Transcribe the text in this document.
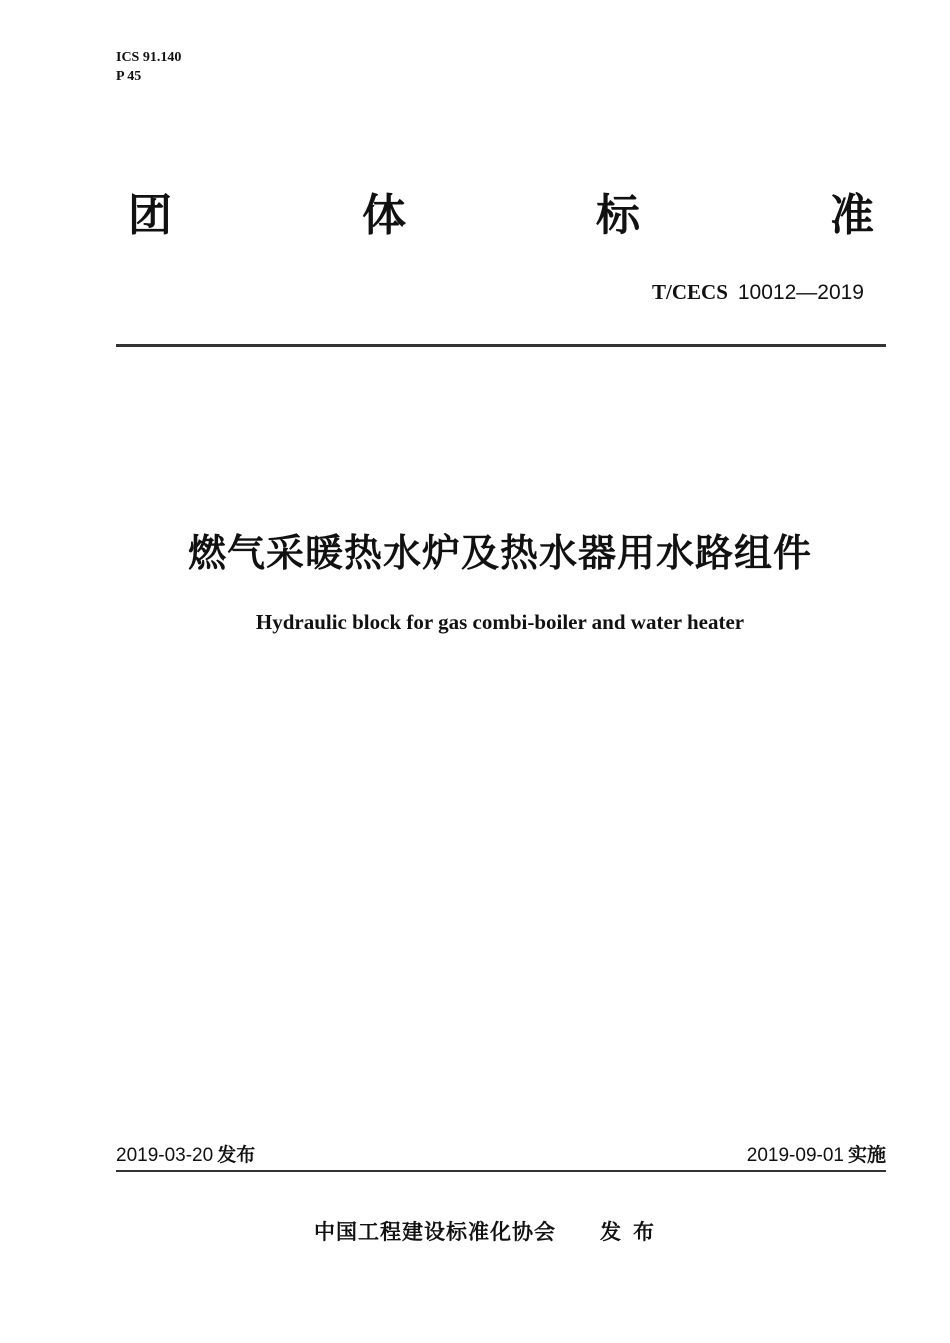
ICS 91.140
P 45
团	体	标	准
T/CECS 10012—2019
燃气采暖热水炉及热水器用水路组件
Hydraulic block for gas combi-boiler and water heater
2019-03-20 发布	2019-09-01 实施
中国工程建设标准化协会 发布
